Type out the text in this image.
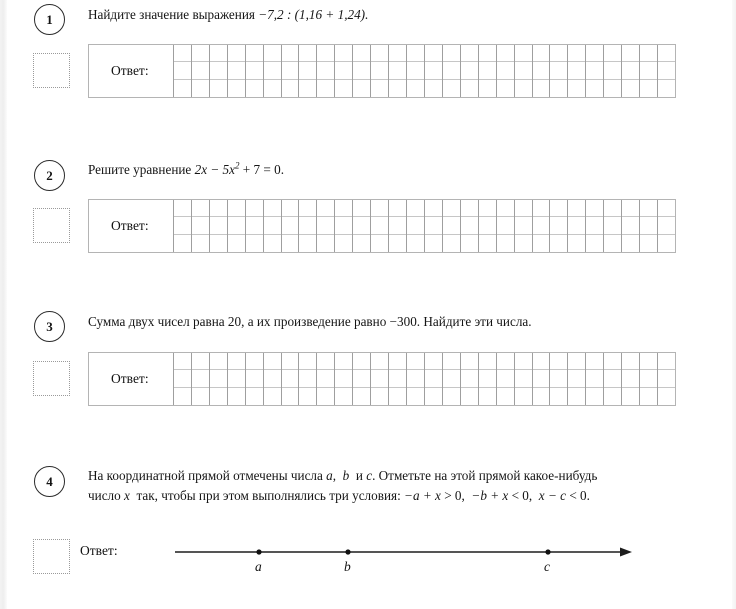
1	Найдите значение выражения −7,2 : (1,16 + 1,24).
Ответ:
2	Решите уравнение $2x - 5x^2 + 7 = 0$.
Ответ:
3	Сумма двух чисел равна 20, а их произведение равно −300. Найдите эти числа.
Ответ:
4	На координатной прямой отмечены числа a,  b  и c. Отметьте на этой прямой какое-нибудь
число x так, чтобы при этом выполнялись три условия: −a + x > 0, −b + x < 0, x − c < 0.
Ответ:
a	b	c
